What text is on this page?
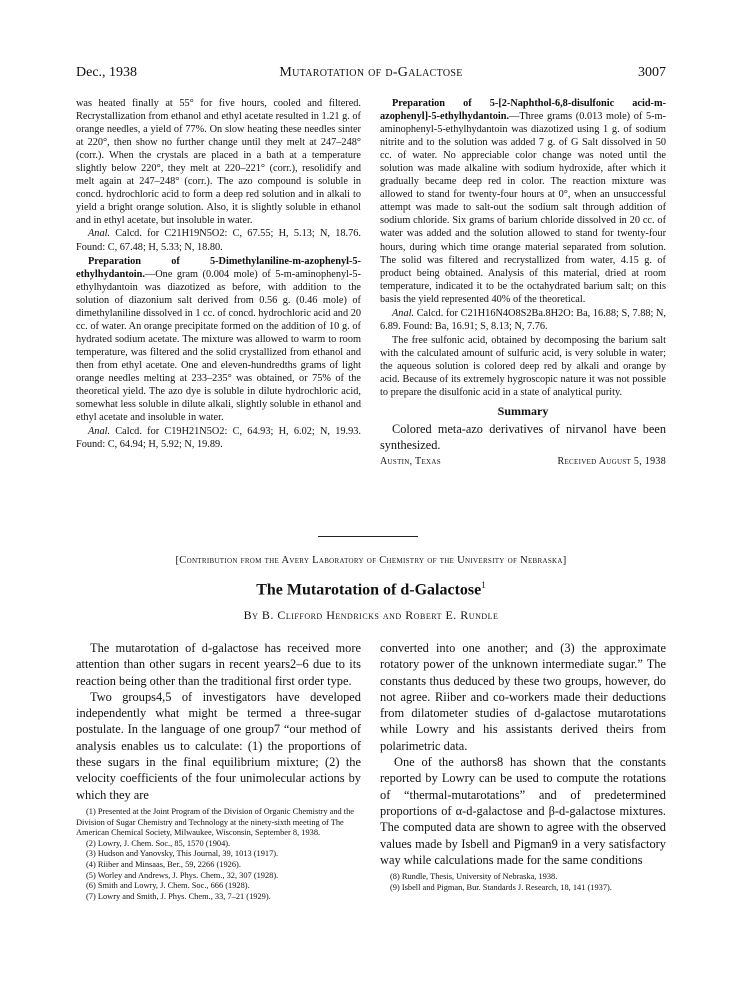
Dec., 1938	Mutarotation of d-Galactose	3007

was heated finally at 55° for five hours, cooled and filtered. Recrystallization from ethanol and ethyl acetate resulted in 1.21 g. of orange needles, a yield of 77%. On slow heating these needles sinter at 220°, then show no further change until they melt at 247–248° (corr.). When the crystals are placed in a bath at a temperature slightly below 220°, they melt at 220–221° (corr.), resolidify and melt again at 247–248° (corr.). The azo compound is soluble in concd. hydrochloric acid to form a deep red solution and in alkali to yield a bright orange solution. Also, it is slightly soluble in ethanol and in ethyl acetate, but insoluble in water.

Anal. Calcd. for C21H19N5O2: C, 67.55; H, 5.13; N, 18.76. Found: C, 67.48; H, 5.33; N, 18.80.

Preparation of 5-Dimethylaniline-m-azophenyl-5-ethylhydantoin.—One gram (0.004 mole) of 5-m-aminophenyl-5-ethylhydantoin was diazotized as before, with addition to the solution of diazonium salt derived from 0.56 g. (0.46 mole) of dimethylaniline dissolved in 1 cc. of concd. hydrochloric acid and 20 cc. of water. An orange precipitate formed on the addition of 10 g. of hydrated sodium acetate. The mixture was allowed to warm to room temperature, was filtered and the solid crystallized from ethanol and then from ethyl acetate. One and eleven-hundredths grams of light orange needles melting at 233–235° was obtained, or 75% of the theoretical yield. The azo dye is soluble in dilute hydrochloric acid, somewhat less soluble in dilute alkali, slightly soluble in ethanol and ethyl acetate and insoluble in water.

Anal. Calcd. for C19H21N5O2: C, 64.93; H, 6.02; N, 19.93. Found: C, 64.94; H, 5.92; N, 19.89.

Preparation of 5-[2-Naphthol-6,8-disulfonic acid-m-azophenyl]-5-ethylhydantoin.—Three grams (0.013 mole) of 5-m-aminophenyl-5-ethylhydantoin was diazotized using 1 g. of sodium nitrite and to the solution was added 7 g. of G Salt dissolved in 50 cc. of water. No appreciable color change was noted until the solution was made alkaline with sodium hydroxide, after which it gradually became deep red in color. The reaction mixture was allowed to stand for twenty-four hours at 0°, when an unsuccessful attempt was made to salt-out the sodium salt through addition of sodium chloride. Six grams of barium chloride dissolved in 20 cc. of water was added and the solution allowed to stand for twenty-four hours, during which time orange material separated from solution. The solid was filtered and recrystallized from water, 4.15 g. of product being obtained. Analysis of this material, dried at room temperature, indicated it to be the octahydrated barium salt; on this basis the yield represented 40% of the theoretical.

Anal. Calcd. for C21H16N4O8S2Ba.8H2O: Ba, 16.88; S, 7.88; N, 6.89. Found: Ba, 16.91; S, 8.13; N, 7.76.

The free sulfonic acid, obtained by decomposing the barium salt with the calculated amount of sulfuric acid, is very soluble in water; the aqueous solution is colored deep red by alkali and orange by acid. Because of its extremely hygroscopic nature it was not possible to prepare the disulfonic acid in a state of analytical purity.

Summary

Colored meta-azo derivatives of nirvanol have been synthesized.

Austin, Texas	Received August 5, 1938
[Contribution from the Avery Laboratory of Chemistry of the University of Nebraska]
The Mutarotation of d-Galactose$^1$
By B. Clifford Hendricks and Robert E. Rundle

The mutarotation of d-galactose has received more attention than other sugars in recent years2–6 due to its reaction being other than the traditional first order type.

Two groups4,5 of investigators have developed independently what might be termed a three-sugar postulate. In the language of one group7 “our method of analysis enables us to calculate: (1) the proportions of these sugars in the final equilibrium mixture; (2) the velocity coefficients of the four unimolecular actions by which they are

(1) Presented at the Joint Program of the Division of Organic Chemistry and the Division of Sugar Chemistry and Technology at the ninety-sixth meeting of The American Chemical Society, Milwaukee, Wisconsin, September 8, 1938.
(2) Lowry, J. Chem. Soc., 85, 1570 (1904).
(3) Hudson and Yanovsky, This Journal, 39, 1013 (1917).
(4) Riiber and Minsaas, Ber., 59, 2266 (1926).
(5) Worley and Andrews, J. Phys. Chem., 32, 307 (1928).
(6) Smith and Lowry, J. Chem. Soc., 666 (1928).
(7) Lowry and Smith, J. Phys. Chem., 33, 7–21 (1929).

converted into one another; and (3) the approximate rotatory power of the unknown intermediate sugar.” The constants thus deduced by these two groups, however, do not agree. Riiber and co-workers made their deductions from dilatometer studies of d-galactose mutarotations while Lowry and his assistants derived theirs from polarimetric data.

One of the authors8 has shown that the constants reported by Lowry can be used to compute the rotations of “thermal-mutarotations” and of predetermined proportions of α-d-galactose and β-d-galactose mixtures. The computed data are shown to agree with the observed values made by Isbell and Pigman9 in a very satisfactory way while calculations made for the same conditions

(8) Rundle, Thesis, University of Nebraska, 1938.
(9) Isbell and Pigman, Bur. Standards J. Research, 18, 141 (1937).
